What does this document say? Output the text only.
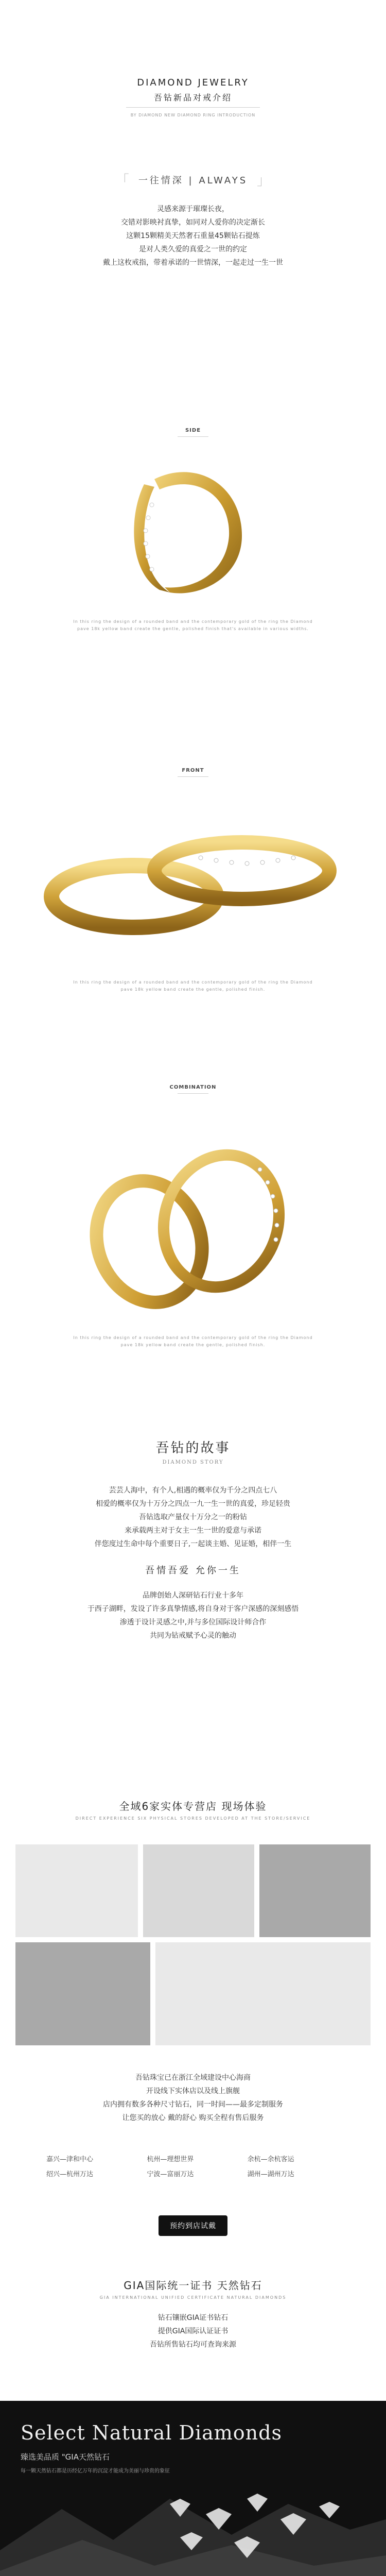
DIAMOND JEWELRY
吾钻新品对戒介绍
BY DIAMOND NEW DIAMOND RING INTRODUCTION
「 一往情深 | ALWAYS 」
灵感来源于璀璨长夜，
交错对影映衬真挚，如同对人爱你的决定渐长
这颗15颗精美天然奢石重量45颗钻石提炼
是对人类久爱的真爱之一世的约定
戴上这枚戒指，带着承诺的一世情深，一起走过一生一世
SIDE
In this ring the design of a rounded band and the contemporary gold of the ring the Diamond pave 18k yellow band create the gentle, polished finish that's available in various widths.
FRONT
In this ring the design of a rounded band and the contemporary gold of the ring the Diamond pave 18k yellow band create the gentle, polished finish.
COMBINATION
In this ring the design of a rounded band and the contemporary gold of the ring the Diamond pave 18k yellow band create the gentle, polished finish.
吾钻的故事
DIAMOND STORY
芸芸人海中，有个人,相遇的概率仅为千分之四点七八
相爱的概率仅为十万分之四点一九一生一世的真爱，珍足轻贵
吾钻选取产量仅十万分之一的粉钻
来承载两主对于女主一生一世的爱意与承诺
伴您度过生命中每个重要日子,一起谈主婚、见证婚，相伴一生
吾情吾爱 允你一生
品牌创始人深研钻石行业十多年
于西子湖畔，发设了许多真挚情感,将自身对于客户深感的深刻感悟
渗透于设计灵感之中,并与多位国际设计师合作
共同为钻戒赋予心灵的触动
全域6家实体专营店 现场体验
DIRECT EXPERIENCE SIX PHYSICAL STORES DEVELOPED AT THE STORE/SERVICE
吾钻珠宝已在浙江全域建设中心海商
开设线下实体店以及线上旗舰
店内拥有数多各种尺寸钻石，同一时间——最多定制服务
让您买的放心 戴的舒心 购买全程有售后服务
嘉兴—津和中心	杭州—理想世界	余杭—余杭客运
绍兴—杭州万达	宁波—富丽万达	湖州—湖州万达
预约到店试戴
GIA国际统一证书 天然钻石
GIA INTERNATIONAL UNIFIED CERTIFICATE NATURAL DIAMONDS
钻石镶嵌GIA证书钻石
提供GIA国际认证证书
吾钻所售钻石均可查询来源
Select Natural Diamonds
臻选美品质 "GIA天然钻石
每一颗天然钻石都是历经亿万年的沉淀才能成为美丽与珍贵的象征
